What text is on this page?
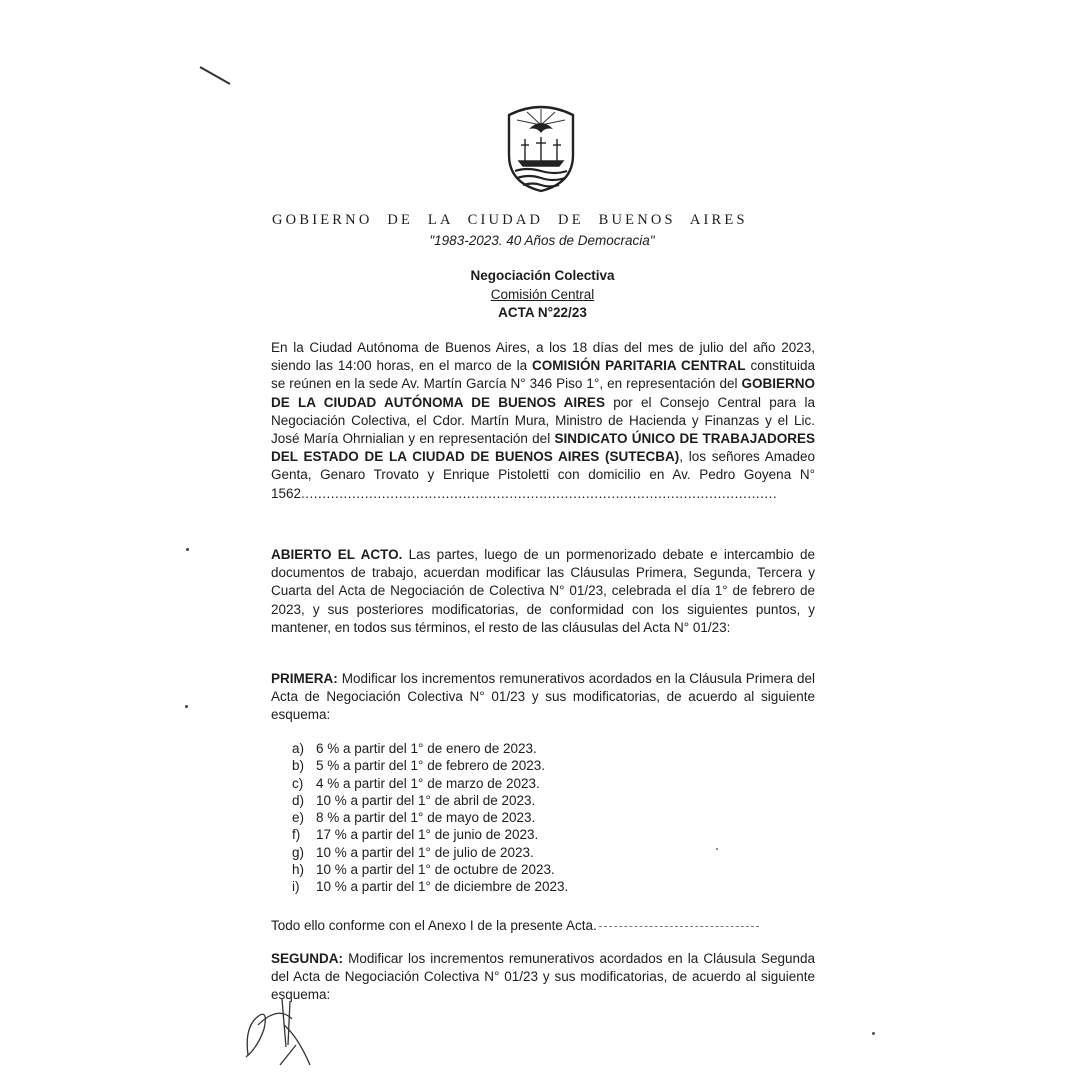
GOBIERNO DE LA CIUDAD DE BUENOS AIRES
"1983-2023. 40 Años de Democracia"
Negociación Colectiva
Comisión Central
ACTA N°22/23
En la Ciudad Autónoma de Buenos Aires, a los 18 días del mes de julio del año 2023, siendo las 14:00 horas, en el marco de la COMISIÓN PARITARIA CENTRAL constituida se reúnen en la sede Av. Martín García N° 346 Piso 1°, en representación del GOBIERNO DE LA CIUDAD AUTÓNOMA DE BUENOS AIRES por el Consejo Central para la Negociación Colectiva, el Cdor. Martín Mura, Ministro de Hacienda y Finanzas y el Lic. José María Ohrnialian y en representación del SINDICATO ÚNICO DE TRABAJADORES DEL ESTADO DE LA CIUDAD DE BUENOS AIRES (SUTECBA), los señores Amadeo Genta, Genaro Trovato y Enrique Pistoletti con domicilio en Av. Pedro Goyena N° 1562................................................................................................................
ABIERTO EL ACTO. Las partes, luego de un pormenorizado debate e intercambio de documentos de trabajo, acuerdan modificar las Cláusulas Primera, Segunda, Tercera y Cuarta del Acta de Negociación de Colectiva N° 01/23, celebrada el día 1° de febrero de 2023, y sus posteriores modificatorias, de conformidad con los siguientes puntos, y mantener, en todos sus términos, el resto de las cláusulas del Acta N° 01/23:
PRIMERA: Modificar los incrementos remunerativos acordados en la Cláusula Primera del Acta de Negociación Colectiva N° 01/23 y sus modificatorias, de acuerdo al siguiente esquema:
a) 6 % a partir del 1° de enero de 2023.
b) 5 % a partir del 1° de febrero de 2023.
c) 4 % a partir del 1° de marzo de 2023.
d) 10 % a partir del 1° de abril de 2023.
e) 8 % a partir del 1° de mayo de 2023.
f) 17 % a partir del 1° de junio de 2023.
g) 10 % a partir del 1° de julio de 2023.
h) 10 % a partir del 1° de octubre de 2023.
i) 10 % a partir del 1° de diciembre de 2023.
Todo ello conforme con el Anexo I de la presente Acta.
SEGUNDA: Modificar los incrementos remunerativos acordados en la Cláusula Segunda del Acta de Negociación Colectiva N° 01/23 y sus modificatorias, de acuerdo al siguiente esquema:
